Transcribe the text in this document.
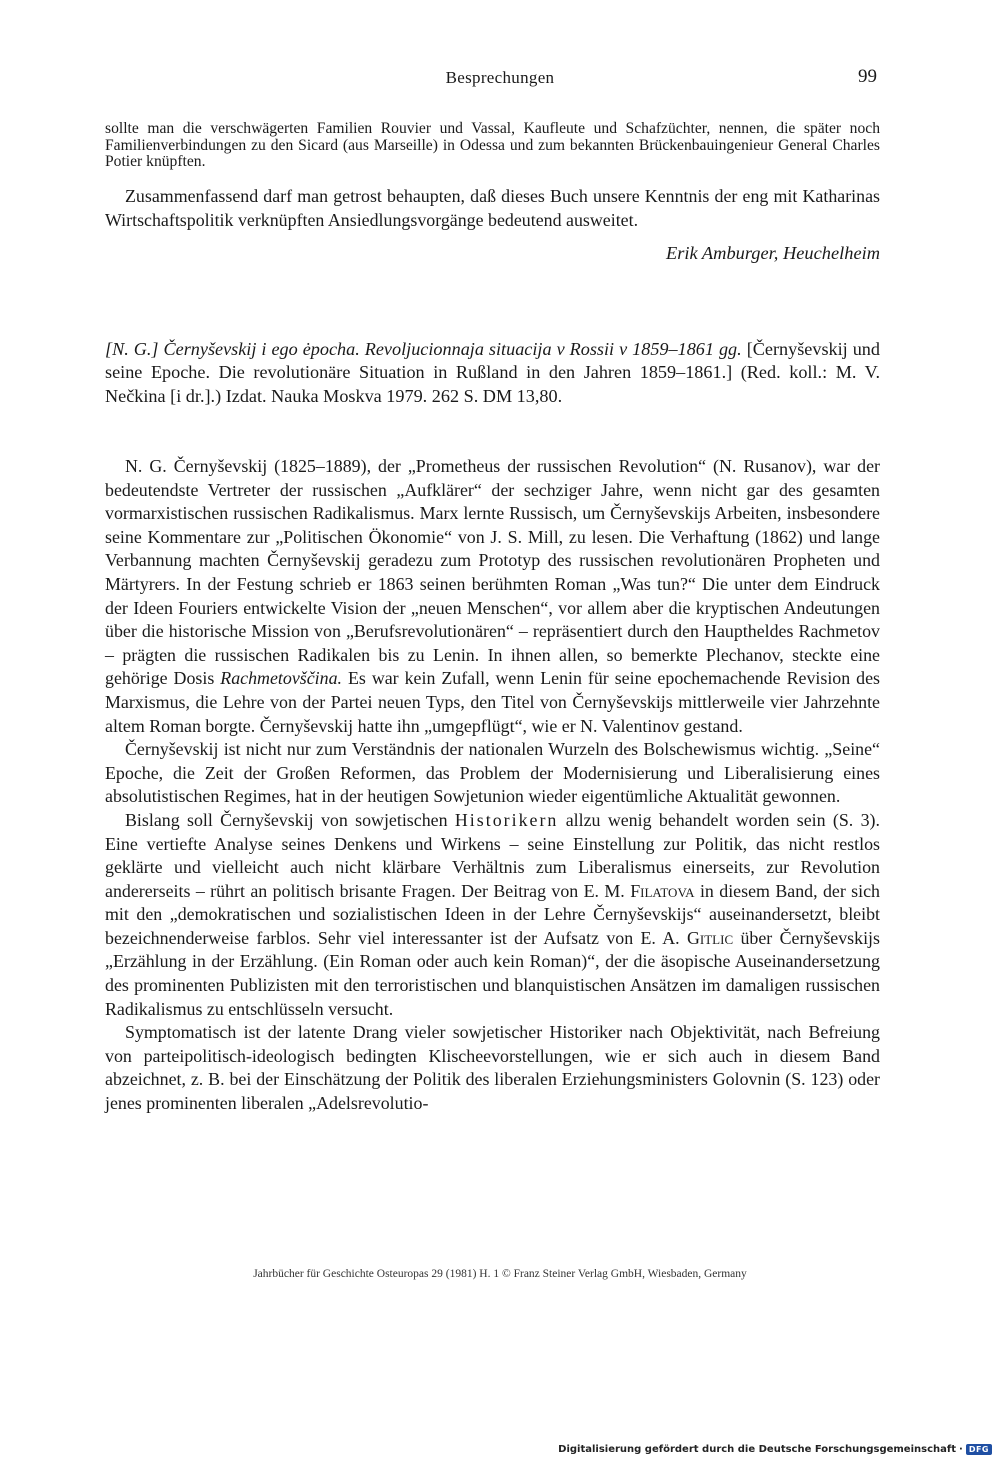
Besprechungen	99

sollte man die verschwägerten Familien Rouvier und Vassal, Kaufleute und Schafzüchter, nennen, die später noch Familienverbindungen zu den Sicard (aus Marseille) in Odessa und zum bekannten Brückenbauingenieur General Charles Potier knüpften.

Zusammenfassend darf man getrost behaupten, daß dieses Buch unsere Kenntnis der eng mit Katharinas Wirtschaftspolitik verknüpften Ansiedlungsvorgänge bedeutend ausweitet.

Erik Amburger, Heuchelheim
[N. G.] Černyševskij i ego ėpocha. Revoljucionnaja situacija v Rossii v 1859–1861 gg. [Černyševskij und seine Epoche. Die revolutionäre Situation in Rußland in den Jahren 1859–1861.] (Red. koll.: M. V. Nečkina [i dr.].) Izdat. Nauka Moskva 1979. 262 S. DM 13,80.

N. G. Černyševskij (1825–1889), der „Prometheus der russischen Revolution“ (N. Rusanov), war der bedeutendste Vertreter der russischen „Aufklärer“ der sechziger Jahre, wenn nicht gar des gesamten vormarxistischen russischen Radikalismus. Marx lernte Russisch, um Černyševskijs Arbeiten, insbesondere seine Kommentare zur „Politischen Ökonomie“ von J. S. Mill, zu lesen. Die Verhaftung (1862) und lange Verbannung machten Černyševskij geradezu zum Prototyp des russischen revolutionären Propheten und Märtyrers. In der Festung schrieb er 1863 seinen berühmten Roman „Was tun?“ Die unter dem Eindruck der Ideen Fouriers entwickelte Vision der „neuen Menschen“, vor allem aber die kryptischen Andeutungen über die historische Mission von „Berufsrevolutionären“ – repräsentiert durch den Hauptheldes Rachmetov – prägten die russischen Radikalen bis zu Lenin. In ihnen allen, so bemerkte Plechanov, steckte eine gehörige Dosis Rachmetovščina. Es war kein Zufall, wenn Lenin für seine epochemachende Revision des Marxismus, die Lehre von der Partei neuen Typs, den Titel von Černyševskijs mittlerweile vier Jahrzehnte altem Roman borgte. Černyševskij hatte ihn „umgepflügt“, wie er N. Valentinov gestand.

Černyševskij ist nicht nur zum Verständnis der nationalen Wurzeln des Bolschewismus wichtig. „Seine“ Epoche, die Zeit der Großen Reformen, das Problem der Modernisierung und Liberalisierung eines absolutistischen Regimes, hat in der heutigen Sowjetunion wieder eigentümliche Aktualität gewonnen.

Bislang soll Černyševskij von sowjetischen Historikern allzu wenig behandelt worden sein (S. 3). Eine vertiefte Analyse seines Denkens und Wirkens – seine Einstellung zur Politik, das nicht restlos geklärte und vielleicht auch nicht klärbare Verhältnis zum Liberalismus einerseits, zur Revolution andererseits – rührt an politisch brisante Fragen. Der Beitrag von E. M. Filatova in diesem Band, der sich mit den „demokratischen und sozialistischen Ideen in der Lehre Černyševskijs“ auseinandersetzt, bleibt bezeichnenderweise farblos. Sehr viel interessanter ist der Aufsatz von E. A. Gitlic über Černyševskijs „Erzählung in der Erzählung. (Ein Roman oder auch kein Roman)“, der die äsopische Auseinandersetzung des prominenten Publizisten mit den terroristischen und blanquistischen Ansätzen im damaligen russischen Radikalismus zu entschlüsseln versucht.

Symptomatisch ist der latente Drang vieler sowjetischer Historiker nach Objektivität, nach Befreiung von parteipolitisch-ideologisch bedingten Klischeevorstellungen, wie er sich auch in diesem Band abzeichnet, z. B. bei der Einschätzung der Politik des liberalen Erziehungsministers Golovnin (S. 123) oder jenes prominenten liberalen „Adelsrevolutio-

Jahrbücher für Geschichte Osteuropas 29 (1981) H. 1 © Franz Steiner Verlag GmbH, Wiesbaden, Germany
Digitalisierung gefördert durch die Deutsche Forschungsgemeinschaft · DFG
